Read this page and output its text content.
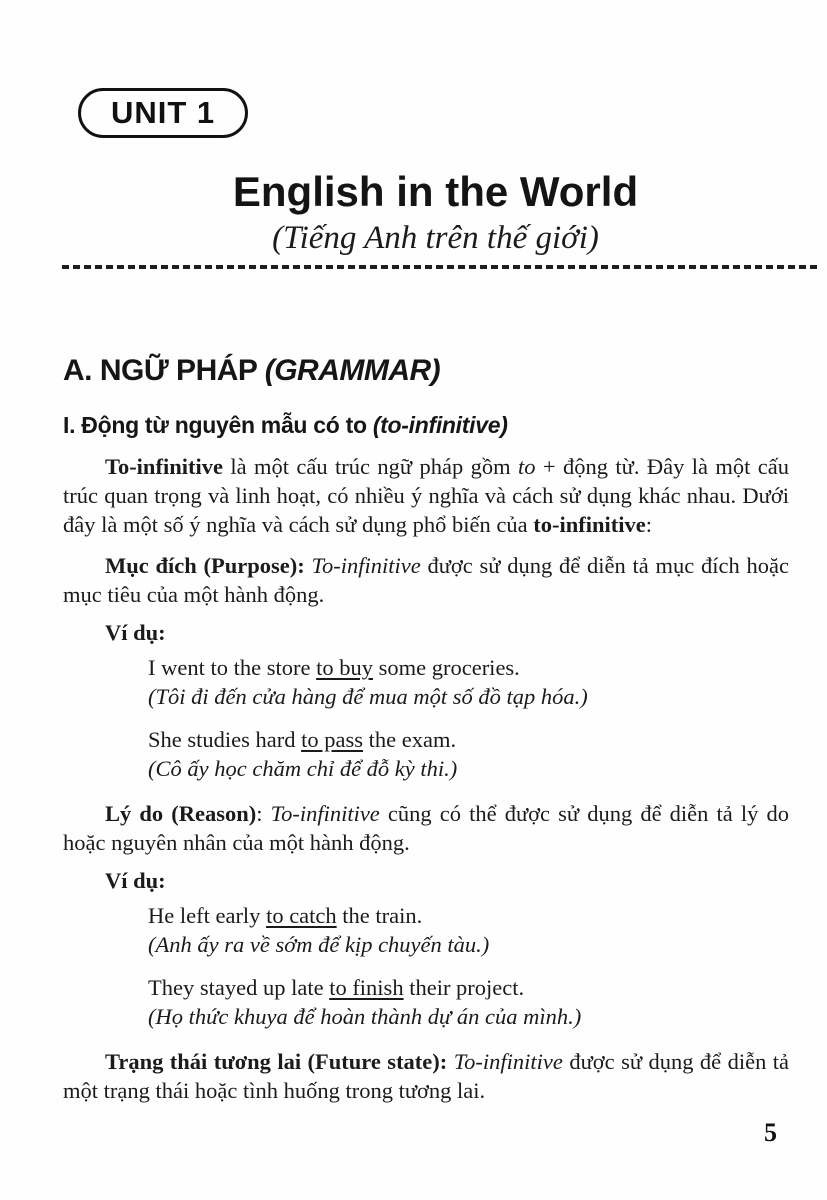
UNIT 1
English in the World
(Tiếng Anh trên thế giới)
A. NGỮ PHÁP (GRAMMAR)
I. Động từ nguyên mẫu có to (to-infinitive)

To-infinitive là một cấu trúc ngữ pháp gồm to + động từ. Đây là một cấu trúc quan trọng và linh hoạt, có nhiều ý nghĩa và cách sử dụng khác nhau. Dưới đây là một số ý nghĩa và cách sử dụng phổ biến của to-infinitive:

Mục đích (Purpose): To-infinitive được sử dụng để diễn tả mục đích hoặc mục tiêu của một hành động.

Ví dụ:
I went to the store to buy some groceries.
(Tôi đi đến cửa hàng để mua một số đồ tạp hóa.)
She studies hard to pass the exam.
(Cô ấy học chăm chỉ để đỗ kỳ thi.)

Lý do (Reason): To-infinitive cũng có thể được sử dụng để diễn tả lý do hoặc nguyên nhân của một hành động.

Ví dụ:
He left early to catch the train.
(Anh ấy ra về sớm để kịp chuyến tàu.)
They stayed up late to finish their project.
(Họ thức khuya để hoàn thành dự án của mình.)

Trạng thái tương lai (Future state): To-infinitive được sử dụng để diễn tả một trạng thái hoặc tình huống trong tương lai.

5
